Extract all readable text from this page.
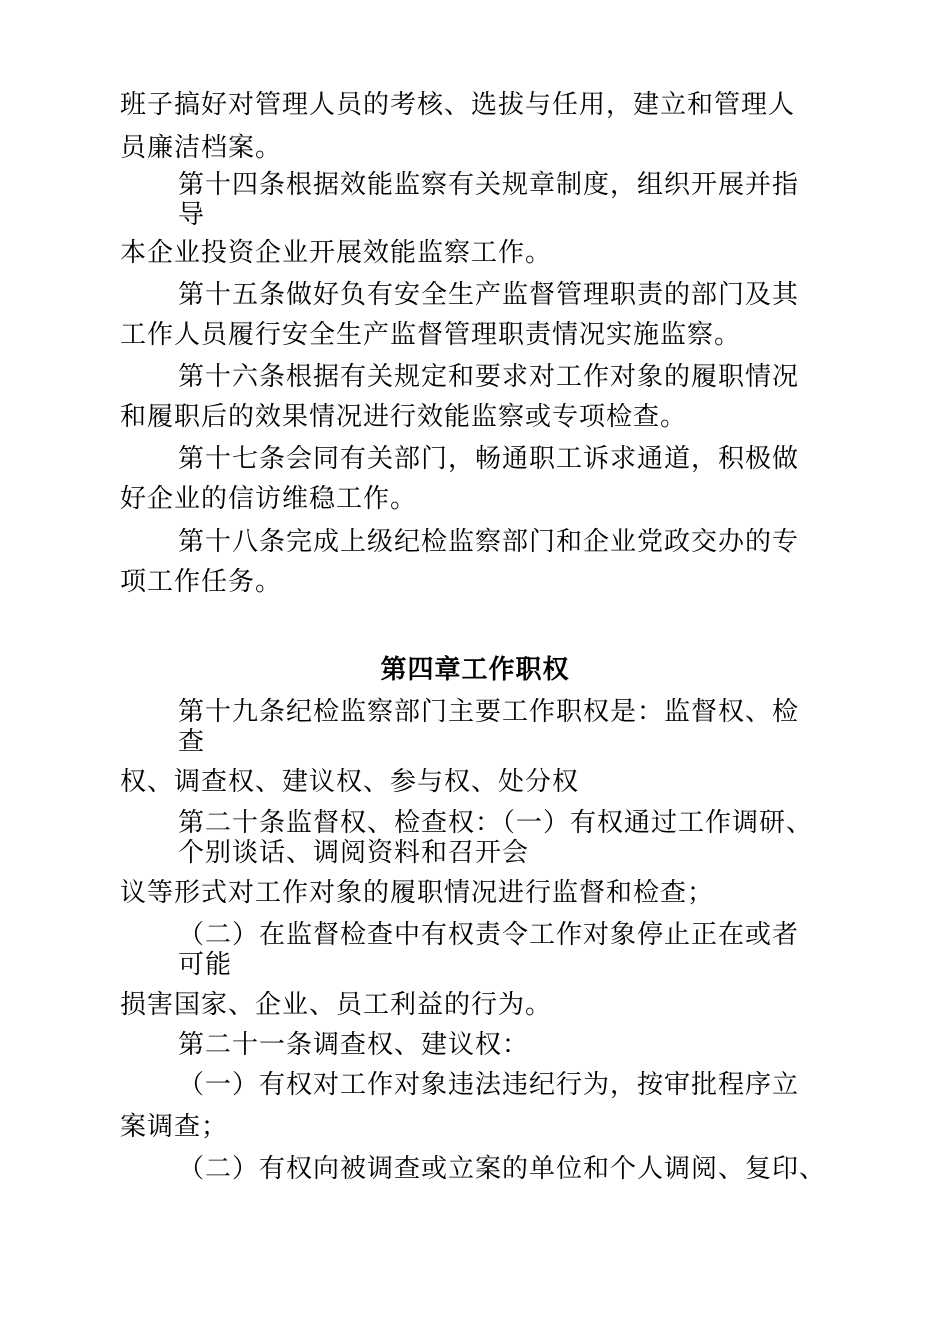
班子搞好对管理人员的考核、选拔与任用，建立和管理人
员廉洁档案。
第十四条根据效能监察有关规章制度，组织开展并指
导
本企业投资企业开展效能监察工作。
第十五条做好负有安全生产监督管理职责的部门及其
工作人员履行安全生产监督管理职责情况实施监察。
第十六条根据有关规定和要求对工作对象的履职情况
和履职后的效果情况进行效能监察或专项检查。
第十七条会同有关部门，畅通职工诉求通道，积极做
好企业的信访维稳工作。
第十八条完成上级纪检监察部门和企业党政交办的专
项工作任务。
第四章工作职权
第十九条纪检监察部门主要工作职权是：监督权、检
查
权、调查权、建议权、参与权、处分权
第二十条监督权、检查权：（一）有权通过工作调研、
个别谈话、调阅资料和召开会
议等形式对工作对象的履职情况进行监督和检查；
（二）在监督检查中有权责令工作对象停止正在或者
可能
损害国家、企业、员工利益的行为。
第二十一条调查权、建议权：
（一）有权对工作对象违法违纪行为，按审批程序立
案调查；
（二）有权向被调查或立案的单位和个人调阅、复印、
